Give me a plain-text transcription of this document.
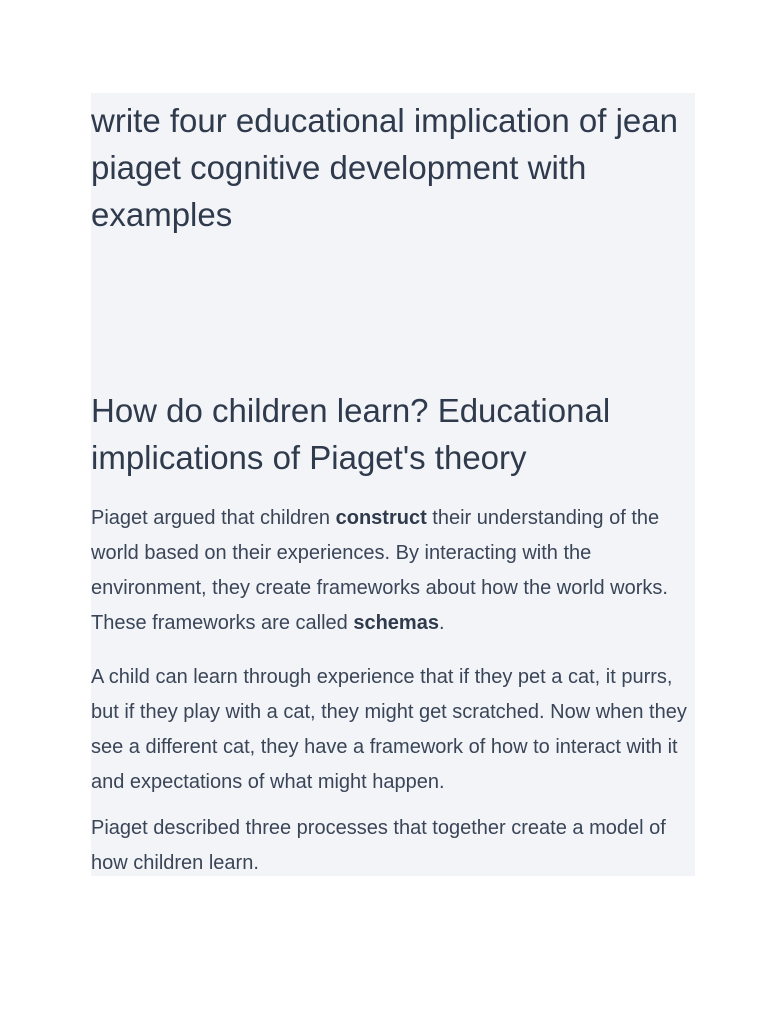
write four educational implication of jean piaget cognitive development with examples
How do children learn? Educational implications of Piaget's theory

Piaget argued that children construct their understanding of the world based on their experiences. By interacting with the environment, they create frameworks about how the world works. These frameworks are called schemas.

A child can learn through experience that if they pet a cat, it purrs, but if they play with a cat, they might get scratched. Now when they see a different cat, they have a framework of how to interact with it and expectations of what might happen.

Piaget described three processes that together create a model of how children learn.
